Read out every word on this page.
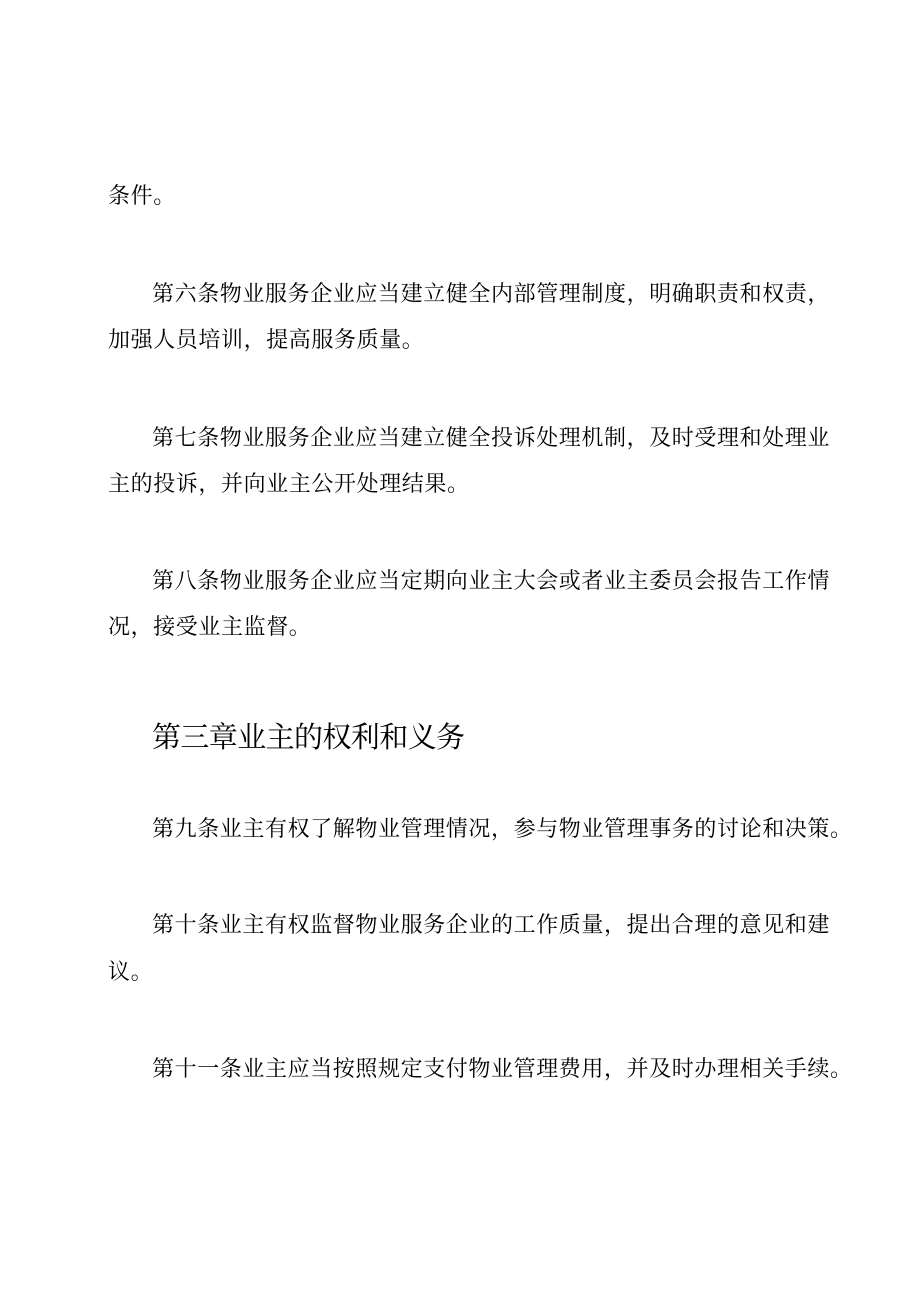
条件。
第六条物业服务企业应当建立健全内部管理制度，明确职责和权责，
加强人员培训，提高服务质量。
第七条物业服务企业应当建立健全投诉处理机制，及时受理和处理业
主的投诉，并向业主公开处理结果。
第八条物业服务企业应当定期向业主大会或者业主委员会报告工作情
况，接受业主监督。
第三章业主的权利和义务
第九条业主有权了解物业管理情况，参与物业管理事务的讨论和决策。
第十条业主有权监督物业服务企业的工作质量，提出合理的意见和建
议。
第十一条业主应当按照规定支付物业管理费用，并及时办理相关手续。
